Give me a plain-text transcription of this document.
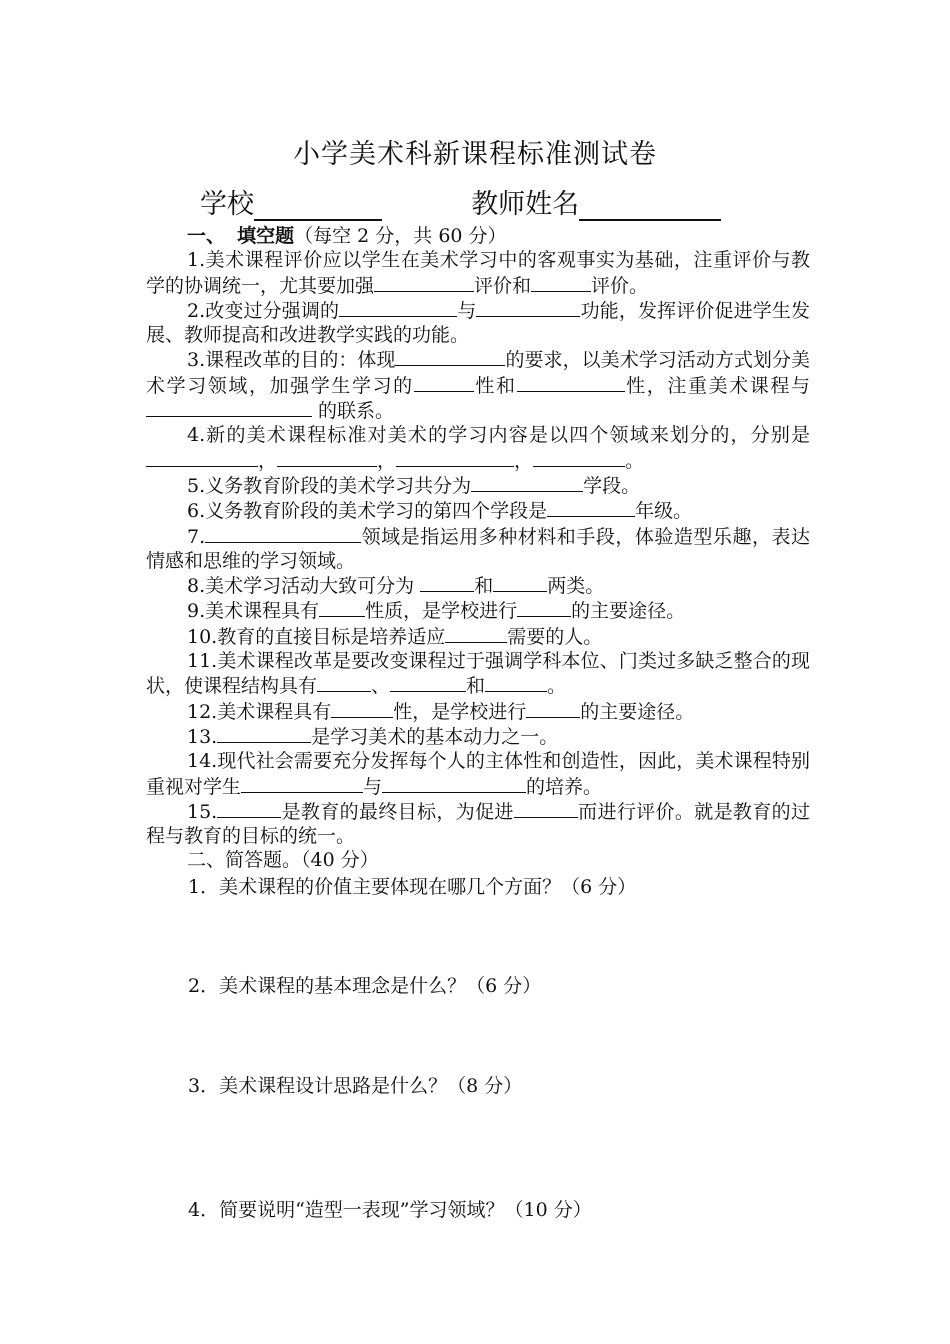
小学美术科新课程标准测试卷
学校	教师姓名
一、 填空题（每空 2 分，共 60 分）
1.美术课程评价应以学生在美术学习中的客观事实为基础，注重评价与教学的协调统一，尤其要加强	评价和	评价。
2.改变过分强调的	与	功能，发挥评价促进学生发展、教师提高和改进教学实践的功能。
3.课程改革的目的：体现	的要求，以美术学习活动方式划分美术学习领域，加强学生学习的	性和	性，注重美术课程与 的联系。
4.新的美术课程标准对美术的学习内容是以四个领域来划分的，分别是，	，	，	。
5.义务教育阶段的美术学习共分为	学段。
6.义务教育阶段的美术学习的第四个学段是	年级。
7.	领域是指运用多种材料和手段，体验造型乐趣，表达情感和思维的学习领域。
8.美术学习活动大致可分为	和	两类。
9.美术课程具有 性质，是学校进行	的主要途径。
10.教育的直接目标是培养适应	需要的人。
11.美术课程改革是要改变课程过于强调学科本位、门类过多缺乏整合的现状，使课程结构具有	、	和	。
12.美术课程具有	性，是学校进行	的主要途径。
13.	是学习美术的基本动力之一。
14.现代社会需要充分发挥每个人的主体性和创造性，因此，美术课程特别重视对学生	与	的培养。
15.	是教育的最终目标，为促进	而进行评价。就是教育的过程与教育的目标的统一。
二、简答题。（40 分）
1．美术课程的价值主要体现在哪几个方面？（6 分）
2．美术课程的基本理念是什么？（6 分）
3．美术课程设计思路是什么？（8 分）
4．简要说明“造型一表现”学习领域？（10 分）
